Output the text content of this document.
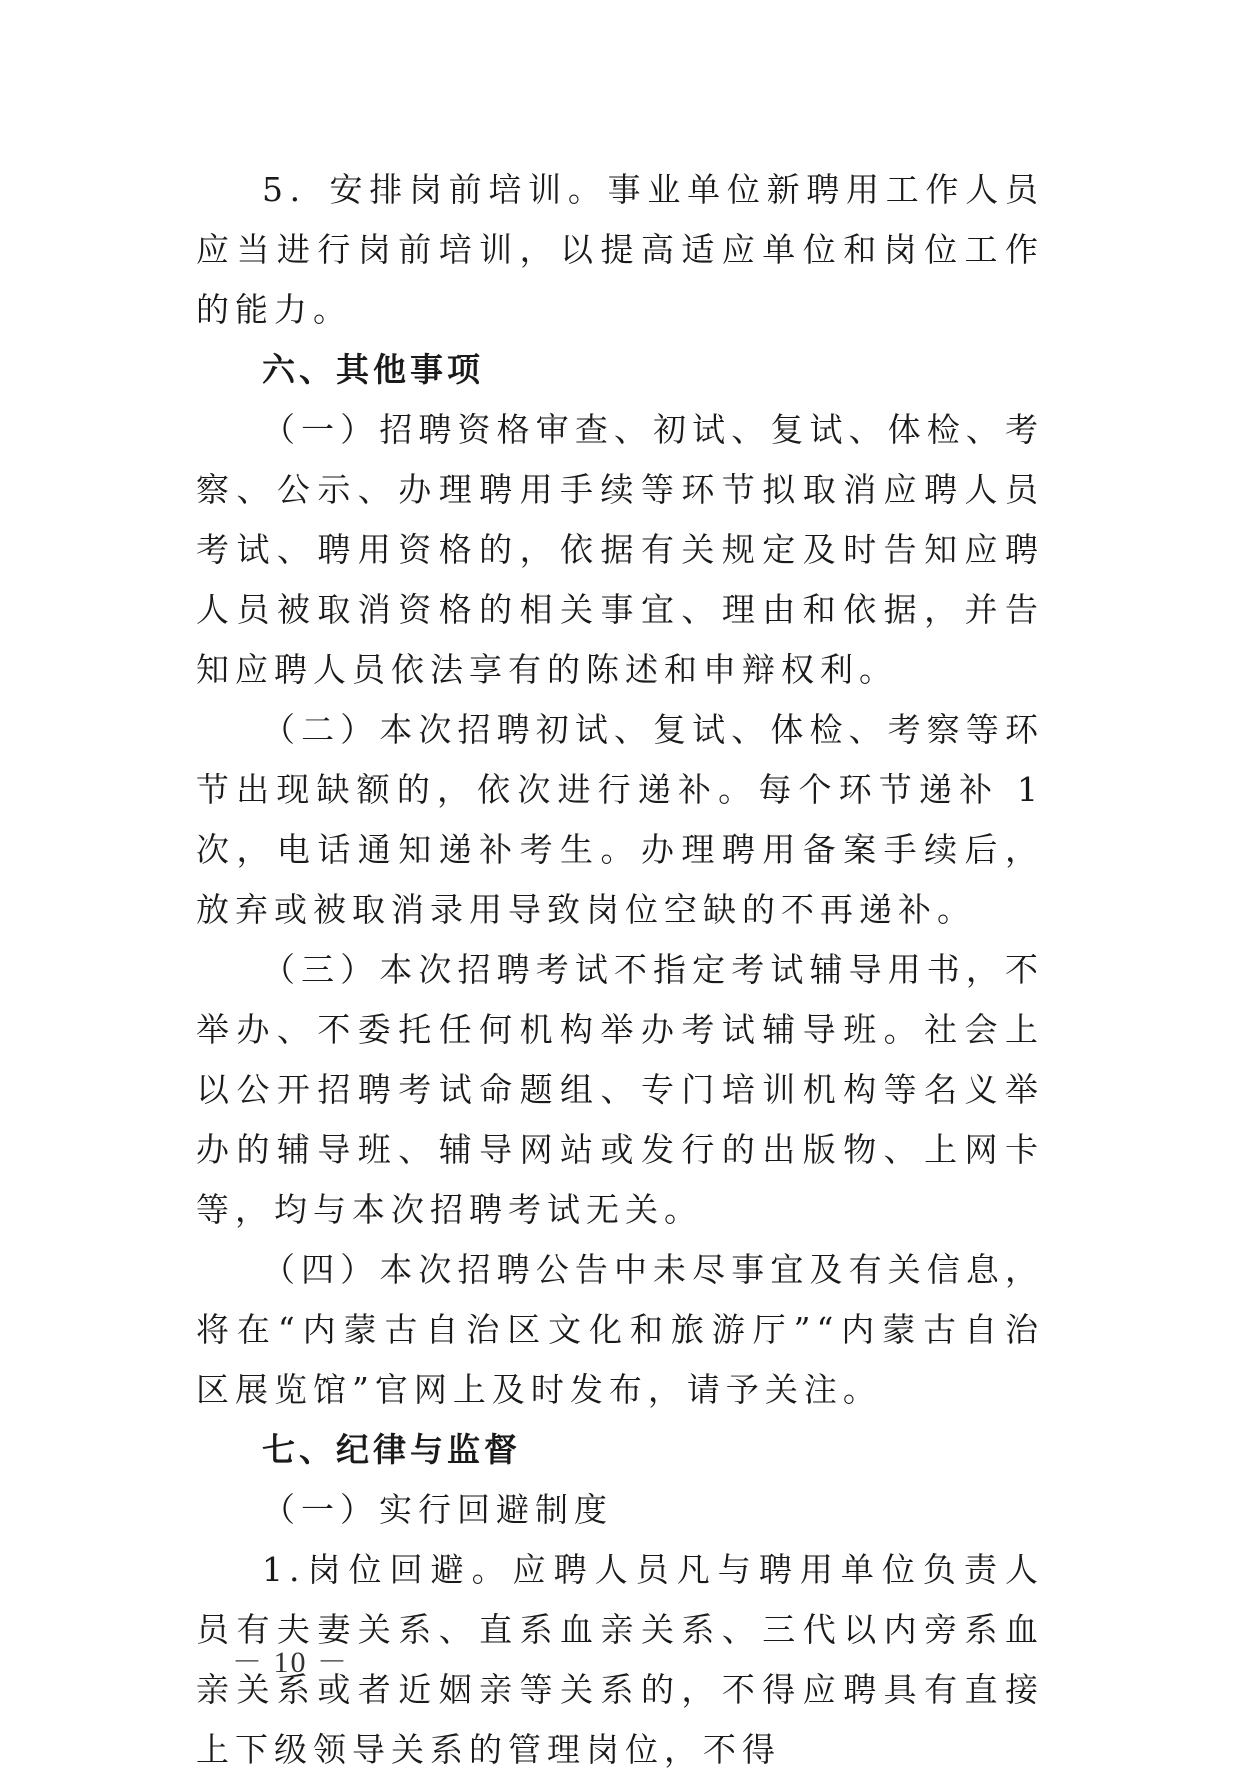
5．安排岗前培训。事业单位新聘用工作人员应当进行岗前培训，以提高适应单位和岗位工作的能力。

六、其他事项

（一）招聘资格审查、初试、复试、体检、考察、公示、办理聘用手续等环节拟取消应聘人员考试、聘用资格的，依据有关规定及时告知应聘人员被取消资格的相关事宜、理由和依据，并告知应聘人员依法享有的陈述和申辩权利。

（二）本次招聘初试、复试、体检、考察等环节出现缺额的，依次进行递补。每个环节递补 1 次，电话通知递补考生。办理聘用备案手续后，放弃或被取消录用导致岗位空缺的不再递补。

（三）本次招聘考试不指定考试辅导用书，不举办、不委托任何机构举办考试辅导班。社会上以公开招聘考试命题组、专门培训机构等名义举办的辅导班、辅导网站或发行的出版物、上网卡等，均与本次招聘考试无关。

（四）本次招聘公告中未尽事宜及有关信息，将在“内蒙古自治区文化和旅游厅”“内蒙古自治区展览馆”官网上及时发布，请予关注。

七、纪律与监督

（一）实行回避制度

1.岗位回避。应聘人员凡与聘用单位负责人员有夫妻关系、直系血亲关系、三代以内旁系血亲关系或者近姻亲等关系的，不得应聘具有直接上下级领导关系的管理岗位，不得

－ 10 －
